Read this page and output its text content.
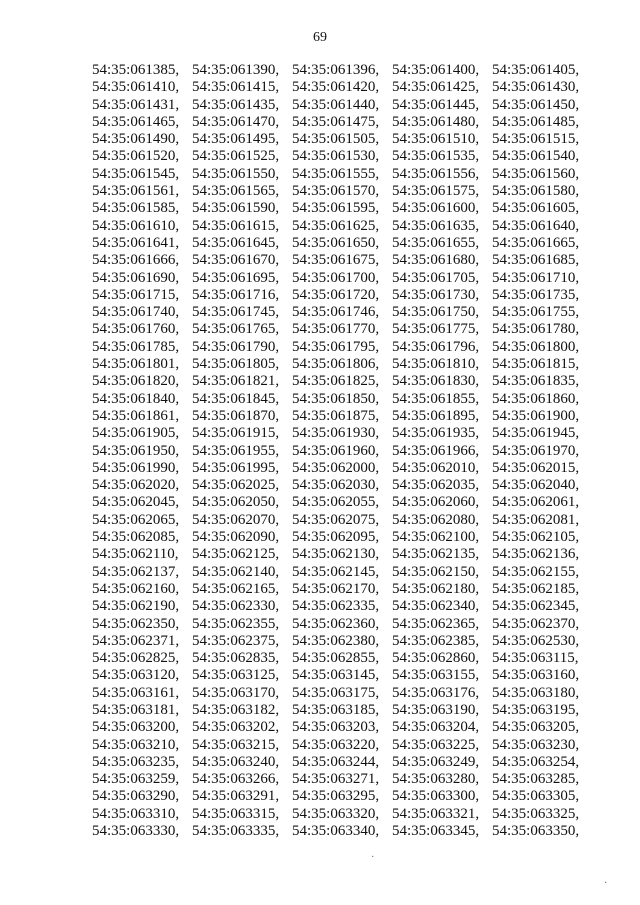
69
54:35:061385, 54:35:061390, 54:35:061396, 54:35:061400, 54:35:061405,
54:35:061410, 54:35:061415, 54:35:061420, 54:35:061425, 54:35:061430,
54:35:061431, 54:35:061435, 54:35:061440, 54:35:061445, 54:35:061450,
54:35:061465, 54:35:061470, 54:35:061475, 54:35:061480, 54:35:061485,
54:35:061490, 54:35:061495, 54:35:061505, 54:35:061510, 54:35:061515,
54:35:061520, 54:35:061525, 54:35:061530, 54:35:061535, 54:35:061540,
54:35:061545, 54:35:061550, 54:35:061555, 54:35:061556, 54:35:061560,
54:35:061561, 54:35:061565, 54:35:061570, 54:35:061575, 54:35:061580,
54:35:061585, 54:35:061590, 54:35:061595, 54:35:061600, 54:35:061605,
54:35:061610, 54:35:061615, 54:35:061625, 54:35:061635, 54:35:061640,
54:35:061641, 54:35:061645, 54:35:061650, 54:35:061655, 54:35:061665,
54:35:061666, 54:35:061670, 54:35:061675, 54:35:061680, 54:35:061685,
54:35:061690, 54:35:061695, 54:35:061700, 54:35:061705, 54:35:061710,
54:35:061715, 54:35:061716, 54:35:061720, 54:35:061730, 54:35:061735,
54:35:061740, 54:35:061745, 54:35:061746, 54:35:061750, 54:35:061755,
54:35:061760, 54:35:061765, 54:35:061770, 54:35:061775, 54:35:061780,
54:35:061785, 54:35:061790, 54:35:061795, 54:35:061796, 54:35:061800,
54:35:061801, 54:35:061805, 54:35:061806, 54:35:061810, 54:35:061815,
54:35:061820, 54:35:061821, 54:35:061825, 54:35:061830, 54:35:061835,
54:35:061840, 54:35:061845, 54:35:061850, 54:35:061855, 54:35:061860,
54:35:061861, 54:35:061870, 54:35:061875, 54:35:061895, 54:35:061900,
54:35:061905, 54:35:061915, 54:35:061930, 54:35:061935, 54:35:061945,
54:35:061950, 54:35:061955, 54:35:061960, 54:35:061966, 54:35:061970,
54:35:061990, 54:35:061995, 54:35:062000, 54:35:062010, 54:35:062015,
54:35:062020, 54:35:062025, 54:35:062030, 54:35:062035, 54:35:062040,
54:35:062045, 54:35:062050, 54:35:062055, 54:35:062060, 54:35:062061,
54:35:062065, 54:35:062070, 54:35:062075, 54:35:062080, 54:35:062081,
54:35:062085, 54:35:062090, 54:35:062095, 54:35:062100, 54:35:062105,
54:35:062110, 54:35:062125, 54:35:062130, 54:35:062135, 54:35:062136,
54:35:062137, 54:35:062140, 54:35:062145, 54:35:062150, 54:35:062155,
54:35:062160, 54:35:062165, 54:35:062170, 54:35:062180, 54:35:062185,
54:35:062190, 54:35:062330, 54:35:062335, 54:35:062340, 54:35:062345,
54:35:062350, 54:35:062355, 54:35:062360, 54:35:062365, 54:35:062370,
54:35:062371, 54:35:062375, 54:35:062380, 54:35:062385, 54:35:062530,
54:35:062825, 54:35:062835, 54:35:062855, 54:35:062860, 54:35:063115,
54:35:063120, 54:35:063125, 54:35:063145, 54:35:063155, 54:35:063160,
54:35:063161, 54:35:063170, 54:35:063175, 54:35:063176, 54:35:063180,
54:35:063181, 54:35:063182, 54:35:063185, 54:35:063190, 54:35:063195,
54:35:063200, 54:35:063202, 54:35:063203, 54:35:063204, 54:35:063205,
54:35:063210, 54:35:063215, 54:35:063220, 54:35:063225, 54:35:063230,
54:35:063235, 54:35:063240, 54:35:063244, 54:35:063249, 54:35:063254,
54:35:063259, 54:35:063266, 54:35:063271, 54:35:063280, 54:35:063285,
54:35:063290, 54:35:063291, 54:35:063295, 54:35:063300, 54:35:063305,
54:35:063310, 54:35:063315, 54:35:063320, 54:35:063321, 54:35:063325,
54:35:063330, 54:35:063335, 54:35:063340, 54:35:063345, 54:35:063350,
·
·
